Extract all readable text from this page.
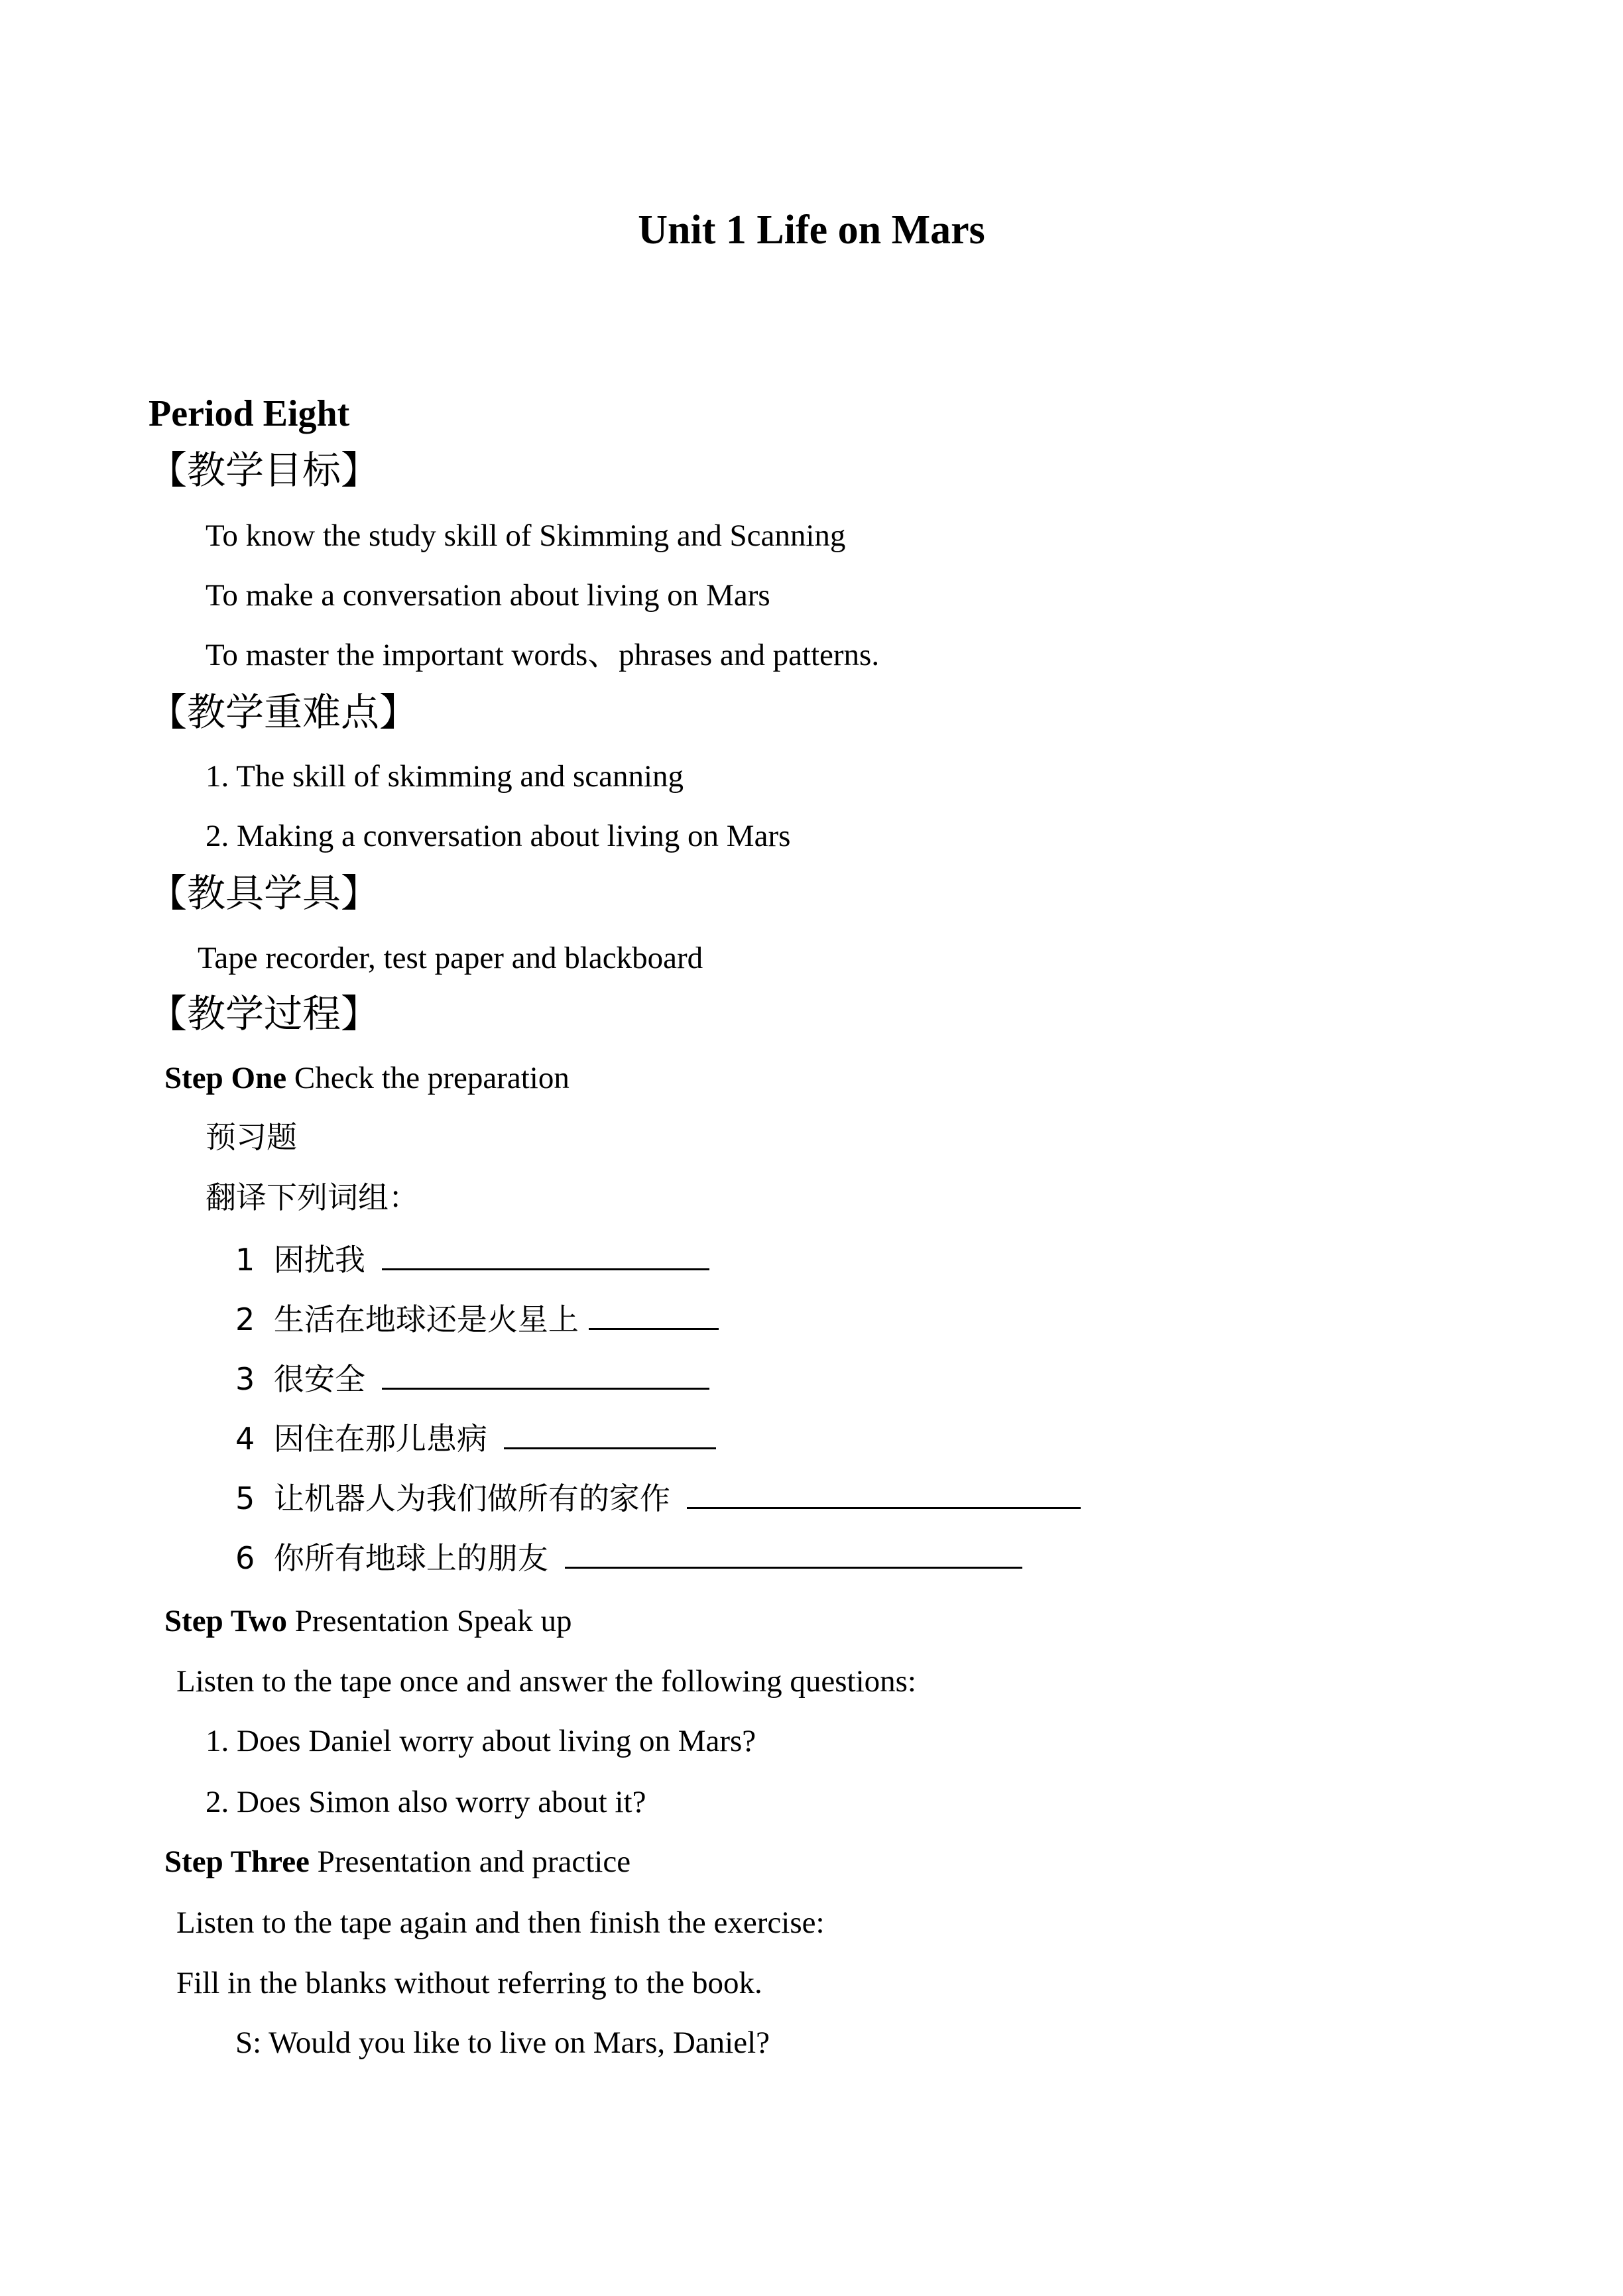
Unit 1 Life on Mars
Period Eight
【教学目标】
To know the study skill of Skimming and Scanning
To make a conversation about living on Mars
To master the important words、phrases and patterns.
【教学重难点】
1. The skill of skimming and scanning
2. Making a conversation about living on Mars
【教具学具】
Tape recorder, test paper and blackboard
【教学过程】
Step One Check the preparation
预习题
翻译下列词组：
1 困扰我
2 生活在地球还是火星上
3 很安全
4 因住在那儿患病
5 让机器人为我们做所有的家作
6 你所有地球上的朋友
Step Two Presentation Speak up
Listen to the tape once and answer the following questions:
1. Does Daniel worry about living on Mars?
2. Does Simon also worry about it?
Step Three Presentation and practice
Listen to the tape again and then finish the exercise:
Fill in the blanks without referring to the book.
S: Would you like to live on Mars, Daniel?
